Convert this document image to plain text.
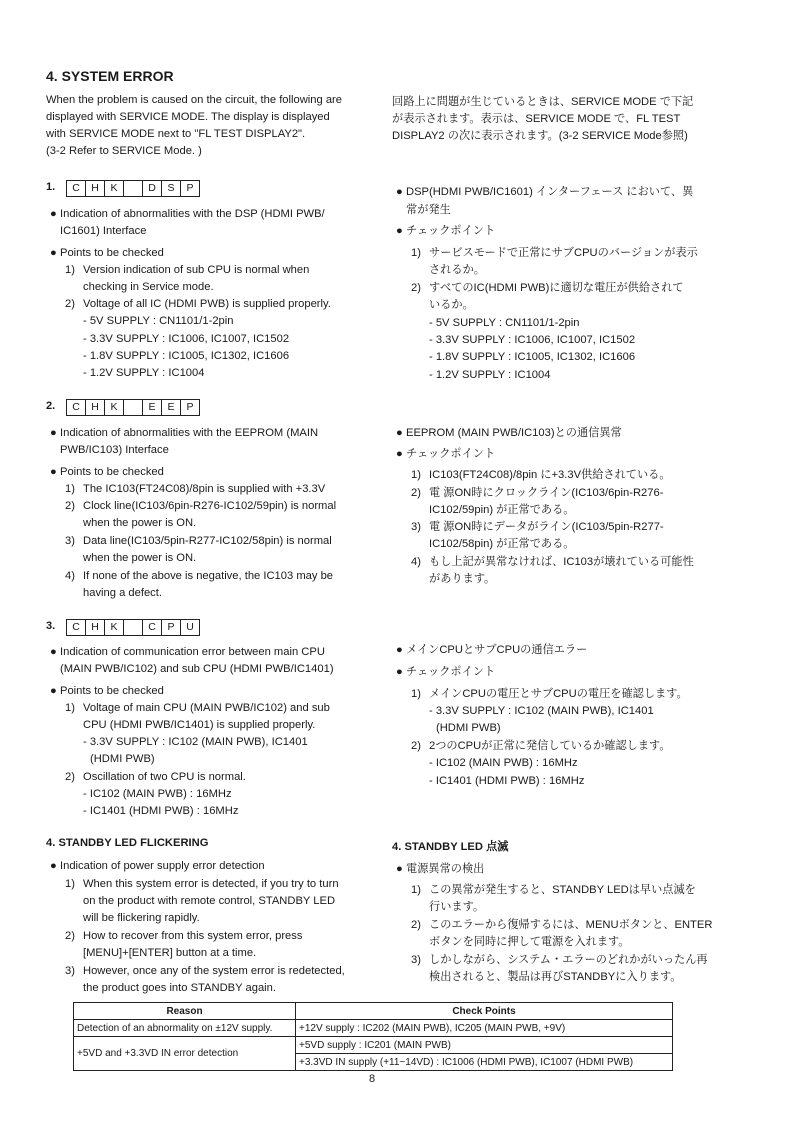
4. SYSTEM ERROR
When the problem is caused on the circuit, the following are
displayed with SERVICE MODE. The display is displayed
with SERVICE MODE next to "FL TEST DISPLAY2".
(3-2 Refer to SERVICE Mode. )
回路上に問題が生じているときは、SERVICE MODE で下記
が表示されます。表示は、SERVICE MODE で、FL TEST
DISPLAY2 の次に表示されます。(3-2 SERVICE Mode参照)
1.	C	H	K	D	S	P
● Indication of abnormalities with the DSP (HDMI PWB/
IC1601) Interface
● Points to be checked
1) Version indication of sub CPU is normal when
checking in Service mode.
2) Voltage of all IC (HDMI PWB) is supplied properly.
- 5V SUPPLY : CN1101/1-2pin
- 3.3V SUPPLY : IC1006, IC1007, IC1502
- 1.8V SUPPLY : IC1005, IC1302, IC1606
- 1.2V SUPPLY : IC1004
● DSP(HDMI PWB/IC1601) インターフェース において、異
常が発生
● チェックポイント
1) サービスモードで正常にサブCPUのバージョンが表示
されるか。
2) すべてのIC(HDMI PWB)に適切な電圧が供給されて
いるか。
- 5V SUPPLY : CN1101/1-2pin
- 3.3V SUPPLY : IC1006, IC1007, IC1502
- 1.8V SUPPLY : IC1005, IC1302, IC1606
- 1.2V SUPPLY : IC1004
2.	C	H	K	E	E	P
● Indication of abnormalities with the EEPROM (MAIN
PWB/IC103) Interface
● Points to be checked
1) The IC103(FT24C08)/8pin is supplied with +3.3V
2) Clock line(IC103/6pin-R276-IC102/59pin) is normal
when the power is ON.
3) Data line(IC103/5pin-R277-IC102/58pin) is normal
when the power is ON.
4) If none of the above is negative, the IC103 may be
having a defect.
● EEPROM (MAIN PWB/IC103)との通信異常
● チェックポイント
1) IC103(FT24C08)/8pin に+3.3V供給されている。
2) 電 源ON時にクロックライン(IC103/6pin-R276-
IC102/59pin) が正常である。
3) 電 源ON時にデータがライン(IC103/5pin-R277-
IC102/58pin) が正常である。
4) もし上記が異常なければ、IC103が壊れている可能性
があります。
3.	C	H	K	C	P	U
● Indication of communication error between main CPU
(MAIN PWB/IC102) and sub CPU (HDMI PWB/IC1401)
● Points to be checked
1) Voltage of main CPU (MAIN PWB/IC102) and sub
CPU (HDMI PWB/IC1401) is supplied properly.
- 3.3V SUPPLY : IC102 (MAIN PWB), IC1401
(HDMI PWB)
2) Oscillation of two CPU is normal.
- IC102 (MAIN PWB) : 16MHz
- IC1401 (HDMI PWB) : 16MHz
● メインCPUとサブCPUの通信エラー
● チェックポイント
1) メインCPUの電圧とサブCPUの電圧を確認します。
- 3.3V SUPPLY : IC102 (MAIN PWB), IC1401
(HDMI PWB)
2) 2つのCPUが正常に発信しているか確認します。
- IC102 (MAIN PWB) : 16MHz
- IC1401 (HDMI PWB) : 16MHz
4. STANDBY LED FLICKERING	4. STANDBY LED 点滅
● Indication of power supply error detection
1) When this system error is detected, if you try to turn
on the product with remote control, STANDBY LED
will be flickering rapidly.
2) How to recover from this system error, press
[MENU]+[ENTER] button at a time.
3) However, once any of the system error is redetected,
the product goes into STANDBY again.
● 電源異常の検出
1) この異常が発生すると、STANDBY LEDは早い点滅を
行います。
2) このエラーから復帰するには、MENUボタンと、ENTER
ボタンを同時に押して電源を入れます。
3) しかしながら、システム・エラーのどれかがいったん再
検出されると、製品は再びSTANDBYに入ります。
Reason	Check Points
Detection of an abnormality on ±12V supply.	+12V supply : IC202 (MAIN PWB), IC205 (MAIN PWB, +9V)
+5VD and +3.3VD IN error detection	+5VD supply : IC201 (MAIN PWB)
	+3.3VD IN supply (+11~14VD) : IC1006 (HDMI PWB), IC1007 (HDMI PWB)
8
